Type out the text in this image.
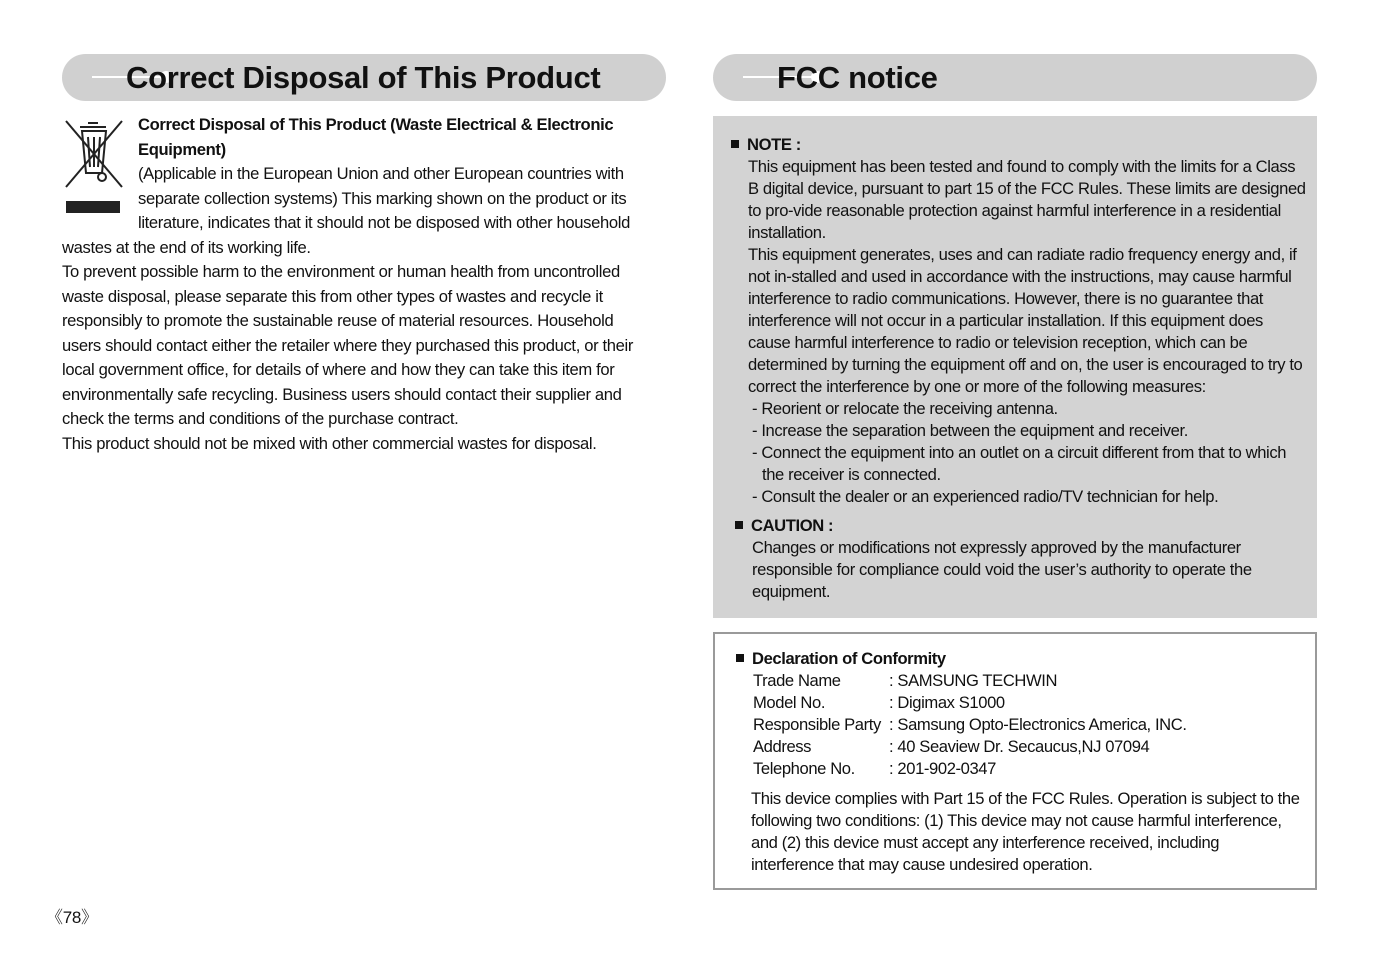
Correct Disposal of This Product	FCC notice

Correct Disposal of This Product (Waste Electrical & Electronic Equipment)

(Applicable in the European Union and other European countries with separate collection systems) This marking shown on the product or its literature, indicates that it should not be disposed with other household wastes at the end of its working life.

To prevent possible harm to the environment or human health from uncontrolled waste disposal, please separate this from other types of wastes and recycle it responsibly to promote the sustainable reuse of material resources. Household users should contact either the retailer where they purchased this product, or their local government office, for details of where and how they can take this item for environmentally safe recycling. Business users should contact their supplier and check the terms and conditions of the purchase contract.

This product should not be mixed with other commercial wastes for disposal.

NOTE :
This equipment has been tested and found to comply with the limits for a Class B digital device, pursuant to part 15 of the FCC Rules. These limits are designed to pro-vide reasonable protection against harmful interference in a residential installation.
This equipment generates, uses and can radiate radio frequency energy and, if not in-stalled and used in accordance with the instructions, may cause harmful interference to radio communications. However, there is no guarantee that interference will not occur in a particular installation. If this equipment does cause harmful interference to radio or television reception, which can be determined by turning the equipment off and on, the user is encouraged to try to correct the interference by one or more of the following measures:
- Reorient or relocate the receiving antenna.
- Increase the separation between the equipment and receiver.
- Connect the equipment into an outlet on a circuit different from that to which the receiver is connected.
- Consult the dealer or an experienced radio/TV technician for help.
CAUTION :
Changes or modifications not expressly approved by the manufacturer responsible for compliance could void the user’s authority to operate the equipment.
Declaration of Conformity
Trade Name	: SAMSUNG TECHWIN
Model No.	: Digimax S1000
Responsible Party	: Samsung Opto-Electronics America, INC.
Address	: 40 Seaview Dr. Secaucus,NJ 07094
Telephone No.	: 201-902-0347
This device complies with Part 15 of the FCC Rules. Operation is subject to the following two conditions: (1) This device may not cause harmful interference, and (2) this device must accept any interference received, including interference that may cause undesired operation.
《78》
